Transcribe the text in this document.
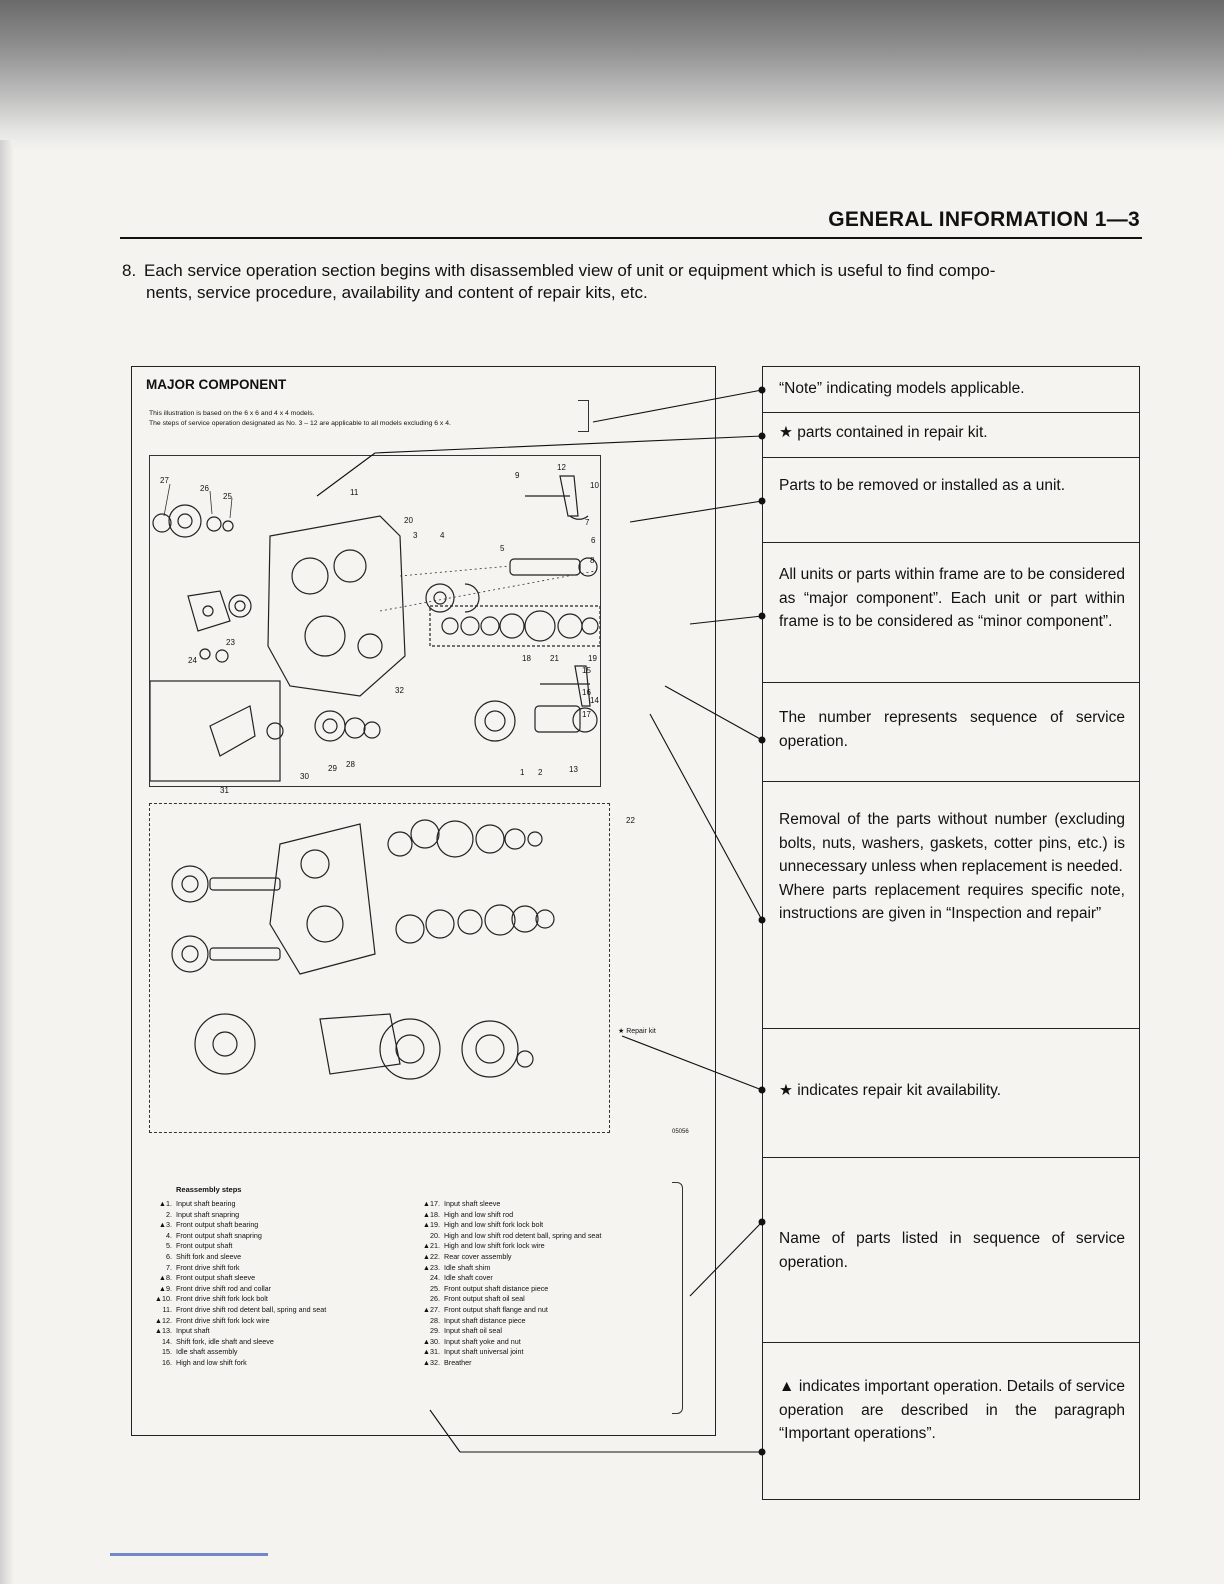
GENERAL INFORMATION 1—3
8. Each service operation section begins with disassembled view of unit or equipment which is useful to find compo-
nents, service procedure, availability and content of repair kits, etc.
MAJOR COMPONENT
This illustration is based on the 6 x 6 and 4 x 4 models.
The steps of service operation designated as No. 3 – 12 are applicable to all models excluding 6 x 4.
27
26
25	11
9
12
10
7
6
20
3	4
5
8
23
24
32
18 21	19
15
16
14
17
30
29 28
31
1 2	13
22
★ Repair kit
05056
Reassembly steps
▲1. Input shaft bearing
2. Input shaft snapring
▲3. Front output shaft bearing
4. Front output shaft snapring
5. Front output shaft
6. Shift fork and sleeve
7. Front drive shift fork
▲8. Front output shaft sleeve
▲9. Front drive shift rod and collar
▲10. Front drive shift fork lock bolt
11. Front drive shift rod detent ball, spring and seat
▲12. Front drive shift fork lock wire
▲13. Input shaft
14. Shift fork, idle shaft and sleeve
15. Idle shaft assembly
16. High and low shift fork
▲17. Input shaft sleeve
▲18. High and low shift rod
▲19. High and low shift fork lock bolt
20. High and low shift rod detent ball, spring and seat
▲21. High and low shift fork lock wire
▲22. Rear cover assembly
▲23. Idle shaft shim
24. Idle shaft cover
25. Front output shaft distance piece
26. Front output shaft oil seal
▲27. Front output shaft flange and nut
28. Input shaft distance piece
29. Input shaft oil seal
▲30. Input shaft yoke and nut
▲31. Input shaft universal joint
▲32. Breather

“Note” indicating models applicable.

★ parts contained in repair kit.

Parts to be removed or installed as a unit.

All units or parts within frame are to be considered as “major component”. Each unit or part within frame is to be considered as “minor component”.

The number represents sequence of service operation.

Removal of the parts without number (excluding bolts, nuts, washers, gaskets, cotter pins, etc.) is unnecessary unless when replacement is needed.

Where parts replacement requires specific note, instructions are given in “Inspection and repair”

★ indicates repair kit availability.

Name of parts listed in sequence of service operation.

▲ indicates important operation. Details of service operation are described in the paragraph “Important operations”.
